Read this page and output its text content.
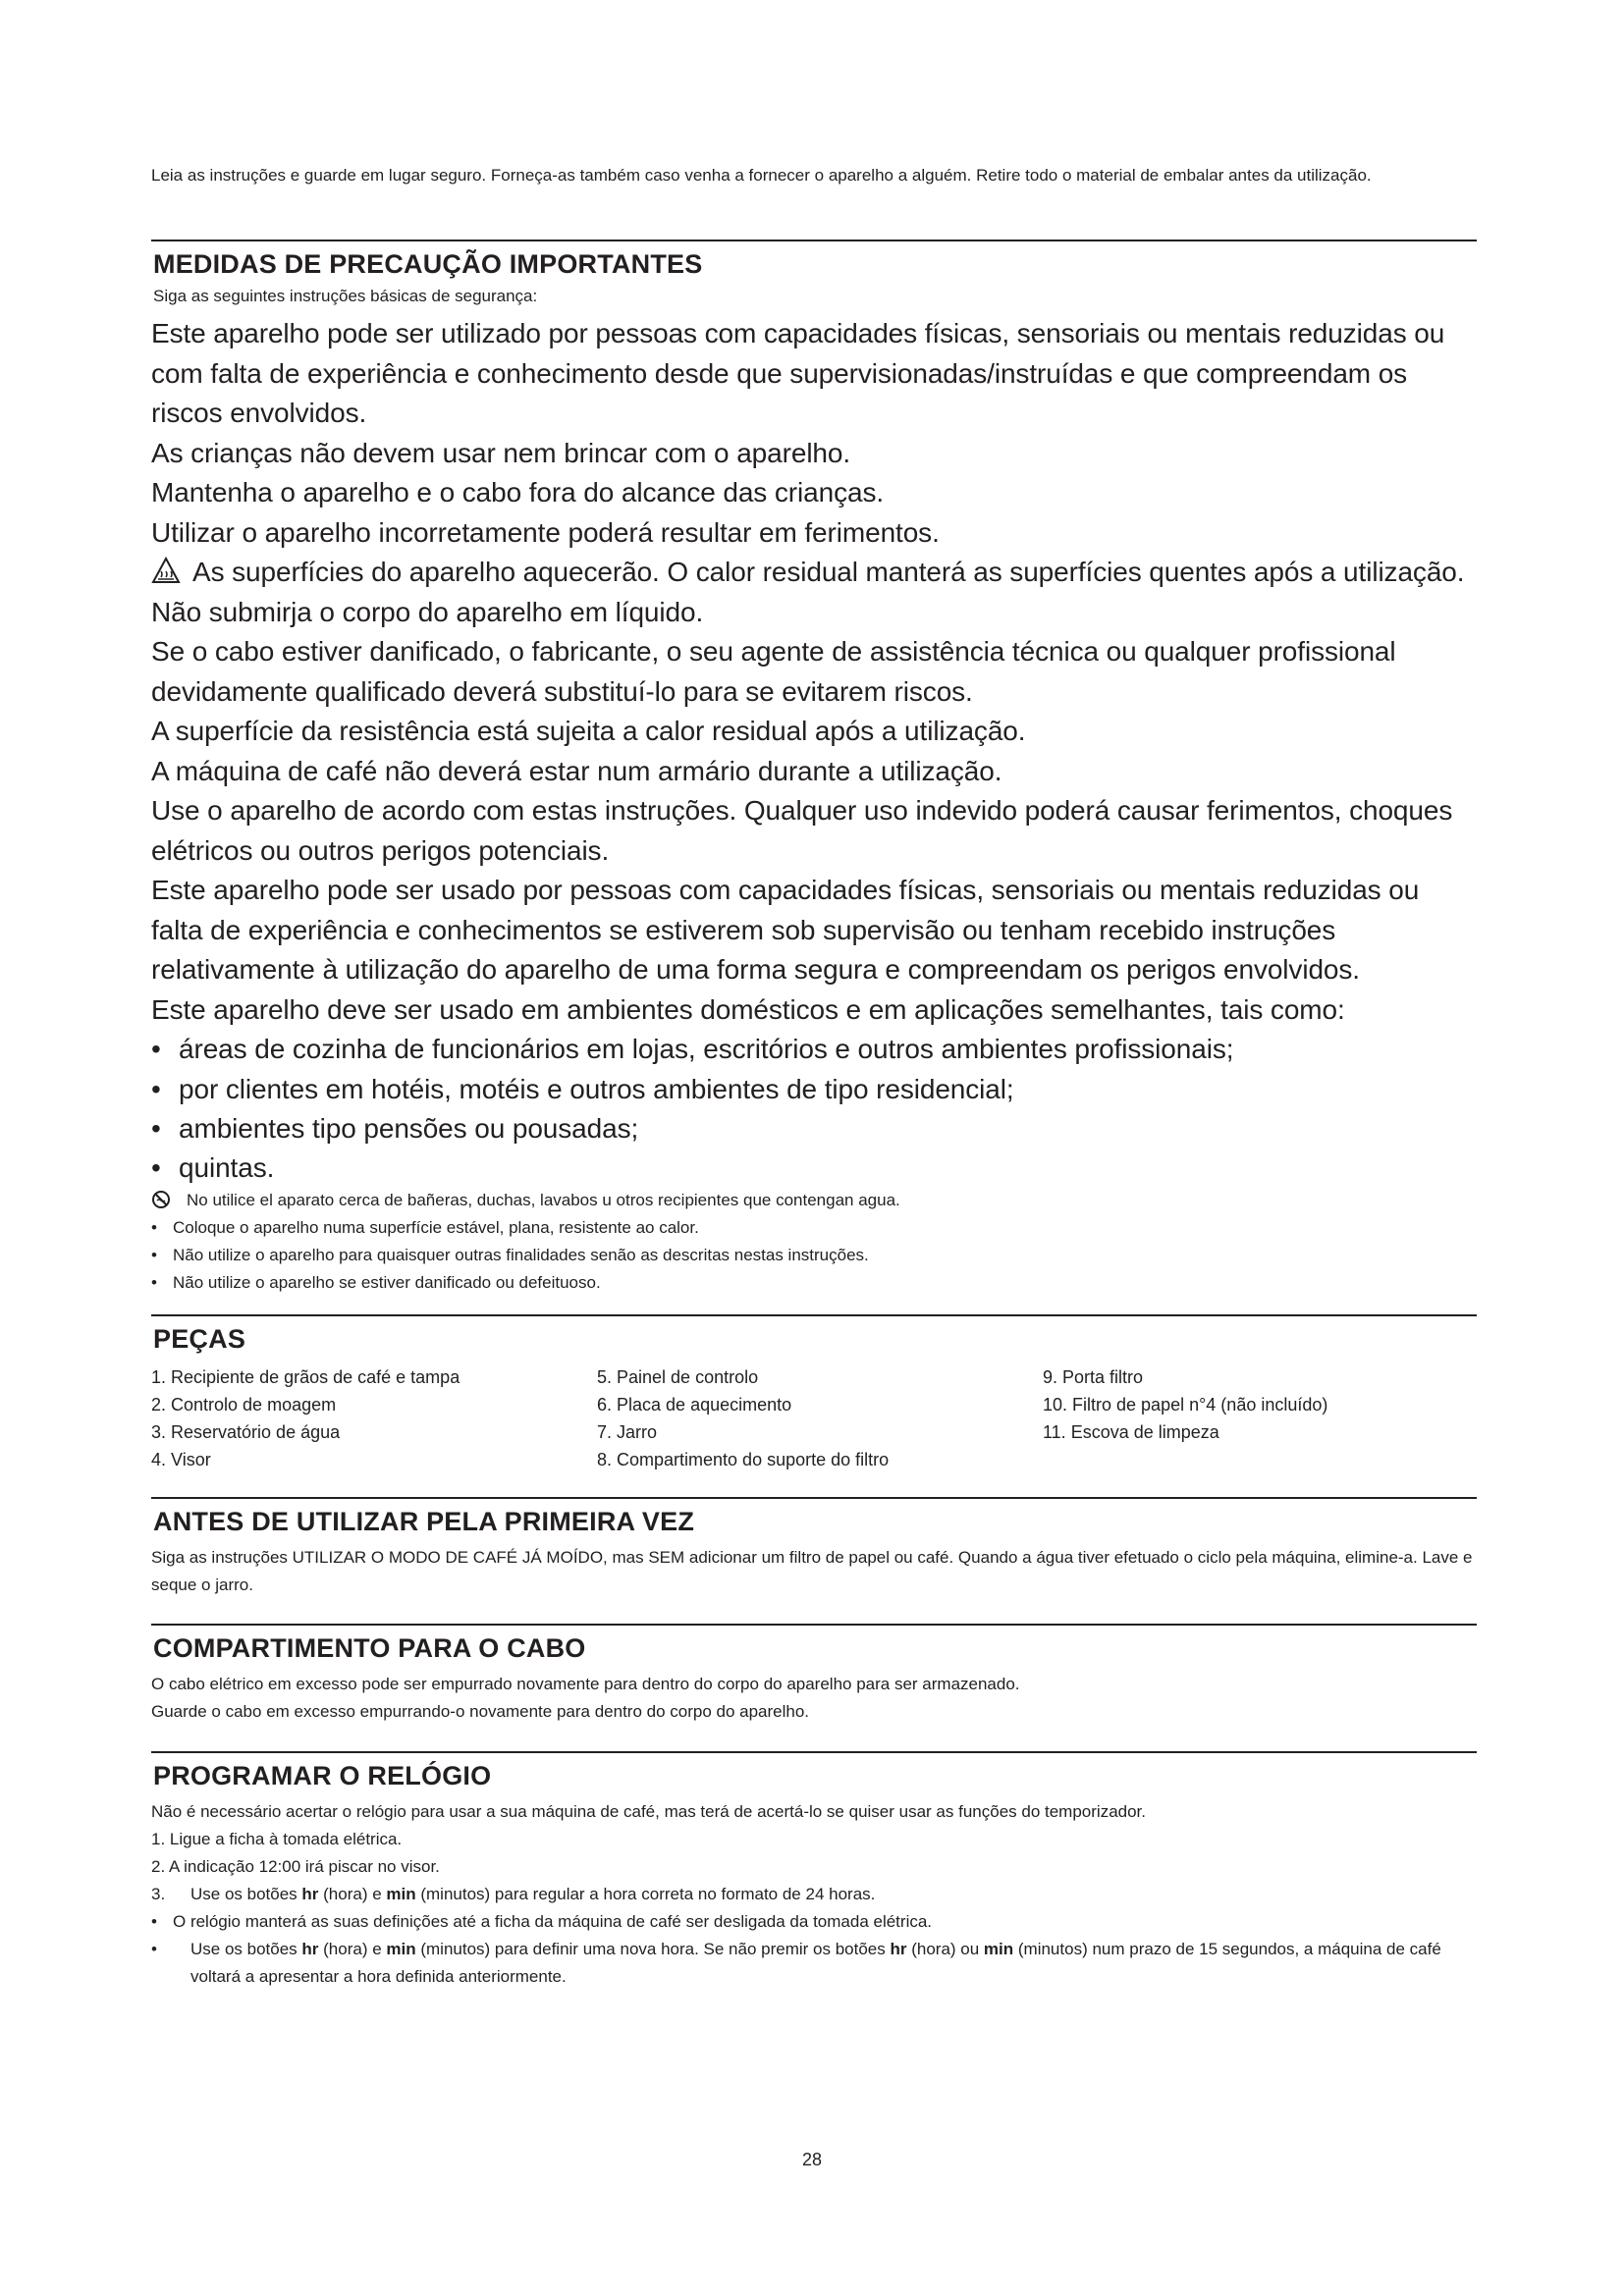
Leia as instruções e guarde em lugar seguro. Forneça-as também caso venha a fornecer o aparelho a alguém. Retire todo o material de embalar antes da utilização.
MEDIDAS DE PRECAUÇÃO IMPORTANTES
Siga as seguintes instruções básicas de segurança:
Este aparelho pode ser utilizado por pessoas com capacidades físicas, sensoriais ou mentais reduzidas ou com falta de experiência e conhecimento desde que supervisionadas/instruídas e que compreendam os riscos envolvidos.
As crianças não devem usar nem brincar com o aparelho.
Mantenha o aparelho e o cabo fora do alcance das crianças.
Utilizar o aparelho incorretamente poderá resultar em ferimentos.
As superfícies do aparelho aquecerão. O calor residual manterá as superfícies quentes após a utilização.
Não submirja o corpo do aparelho em líquido.
Se o cabo estiver danificado, o fabricante, o seu agente de assistência técnica ou qualquer profissional devidamente qualificado deverá substituí-lo para se evitarem riscos.
A superfície da resistência está sujeita a calor residual após a utilização.
A máquina de café não deverá estar num armário durante a utilização.
Use o aparelho de acordo com estas instruções. Qualquer uso indevido poderá causar ferimentos, choques elétricos ou outros perigos potenciais.
Este aparelho pode ser usado por pessoas com capacidades físicas, sensoriais ou mentais reduzidas ou falta de experiência e conhecimentos se estiverem sob supervisão ou tenham recebido instruções relativamente à utilização do aparelho de uma forma segura e compreendam os perigos envolvidos.
Este aparelho deve ser usado em ambientes domésticos e em aplicações semelhantes, tais como:
• áreas de cozinha de funcionários em lojas, escritórios e outros ambientes profissionais;
• por clientes em hotéis, motéis e outros ambientes de tipo residencial;
• ambientes tipo pensões ou pousadas;
• quintas.
No utilice el aparato cerca de bañeras, duchas, lavabos u otros recipientes que contengan agua.
• Coloque o aparelho numa superfície estável, plana, resistente ao calor.
• Não utilize o aparelho para quaisquer outras finalidades senão as descritas nestas instruções.
• Não utilize o aparelho se estiver danificado ou defeituoso.
PEÇAS
1. Recipiente de grãos de café e tampa
2. Controlo de moagem
3. Reservatório de água
4. Visor
5. Painel de controlo
6. Placa de aquecimento
7. Jarro
8. Compartimento do suporte do filtro
9. Porta filtro
10. Filtro de papel n°4 (não incluído)
11. Escova de limpeza
ANTES DE UTILIZAR PELA PRIMEIRA VEZ
Siga as instruções UTILIZAR O MODO DE CAFÉ JÁ MOÍDO, mas SEM adicionar um filtro de papel ou café. Quando a água tiver efetuado o ciclo pela máquina, elimine-a. Lave e seque o jarro.
COMPARTIMENTO PARA O CABO
O cabo elétrico em excesso pode ser empurrado novamente para dentro do corpo do aparelho para ser armazenado.
Guarde o cabo em excesso empurrando-o novamente para dentro do corpo do aparelho.
PROGRAMAR O RELÓGIO
Não é necessário acertar o relógio para usar a sua máquina de café, mas terá de acertá-lo se quiser usar as funções do temporizador.
1. Ligue a ficha à tomada elétrica.
2. A indicação 12:00 irá piscar no visor.
3.	Use os botões hr (hora) e min (minutos) para regular a hora correta no formato de 24 horas.
• O relógio manterá as suas definições até a ficha da máquina de café ser desligada da tomada elétrica.
•	Use os botões hr (hora) e min (minutos) para definir uma nova hora. Se não premir os botões hr (hora) ou min (minutos) num prazo de 15 segundos, a máquina de café voltará a apresentar a hora definida anteriormente.
28
